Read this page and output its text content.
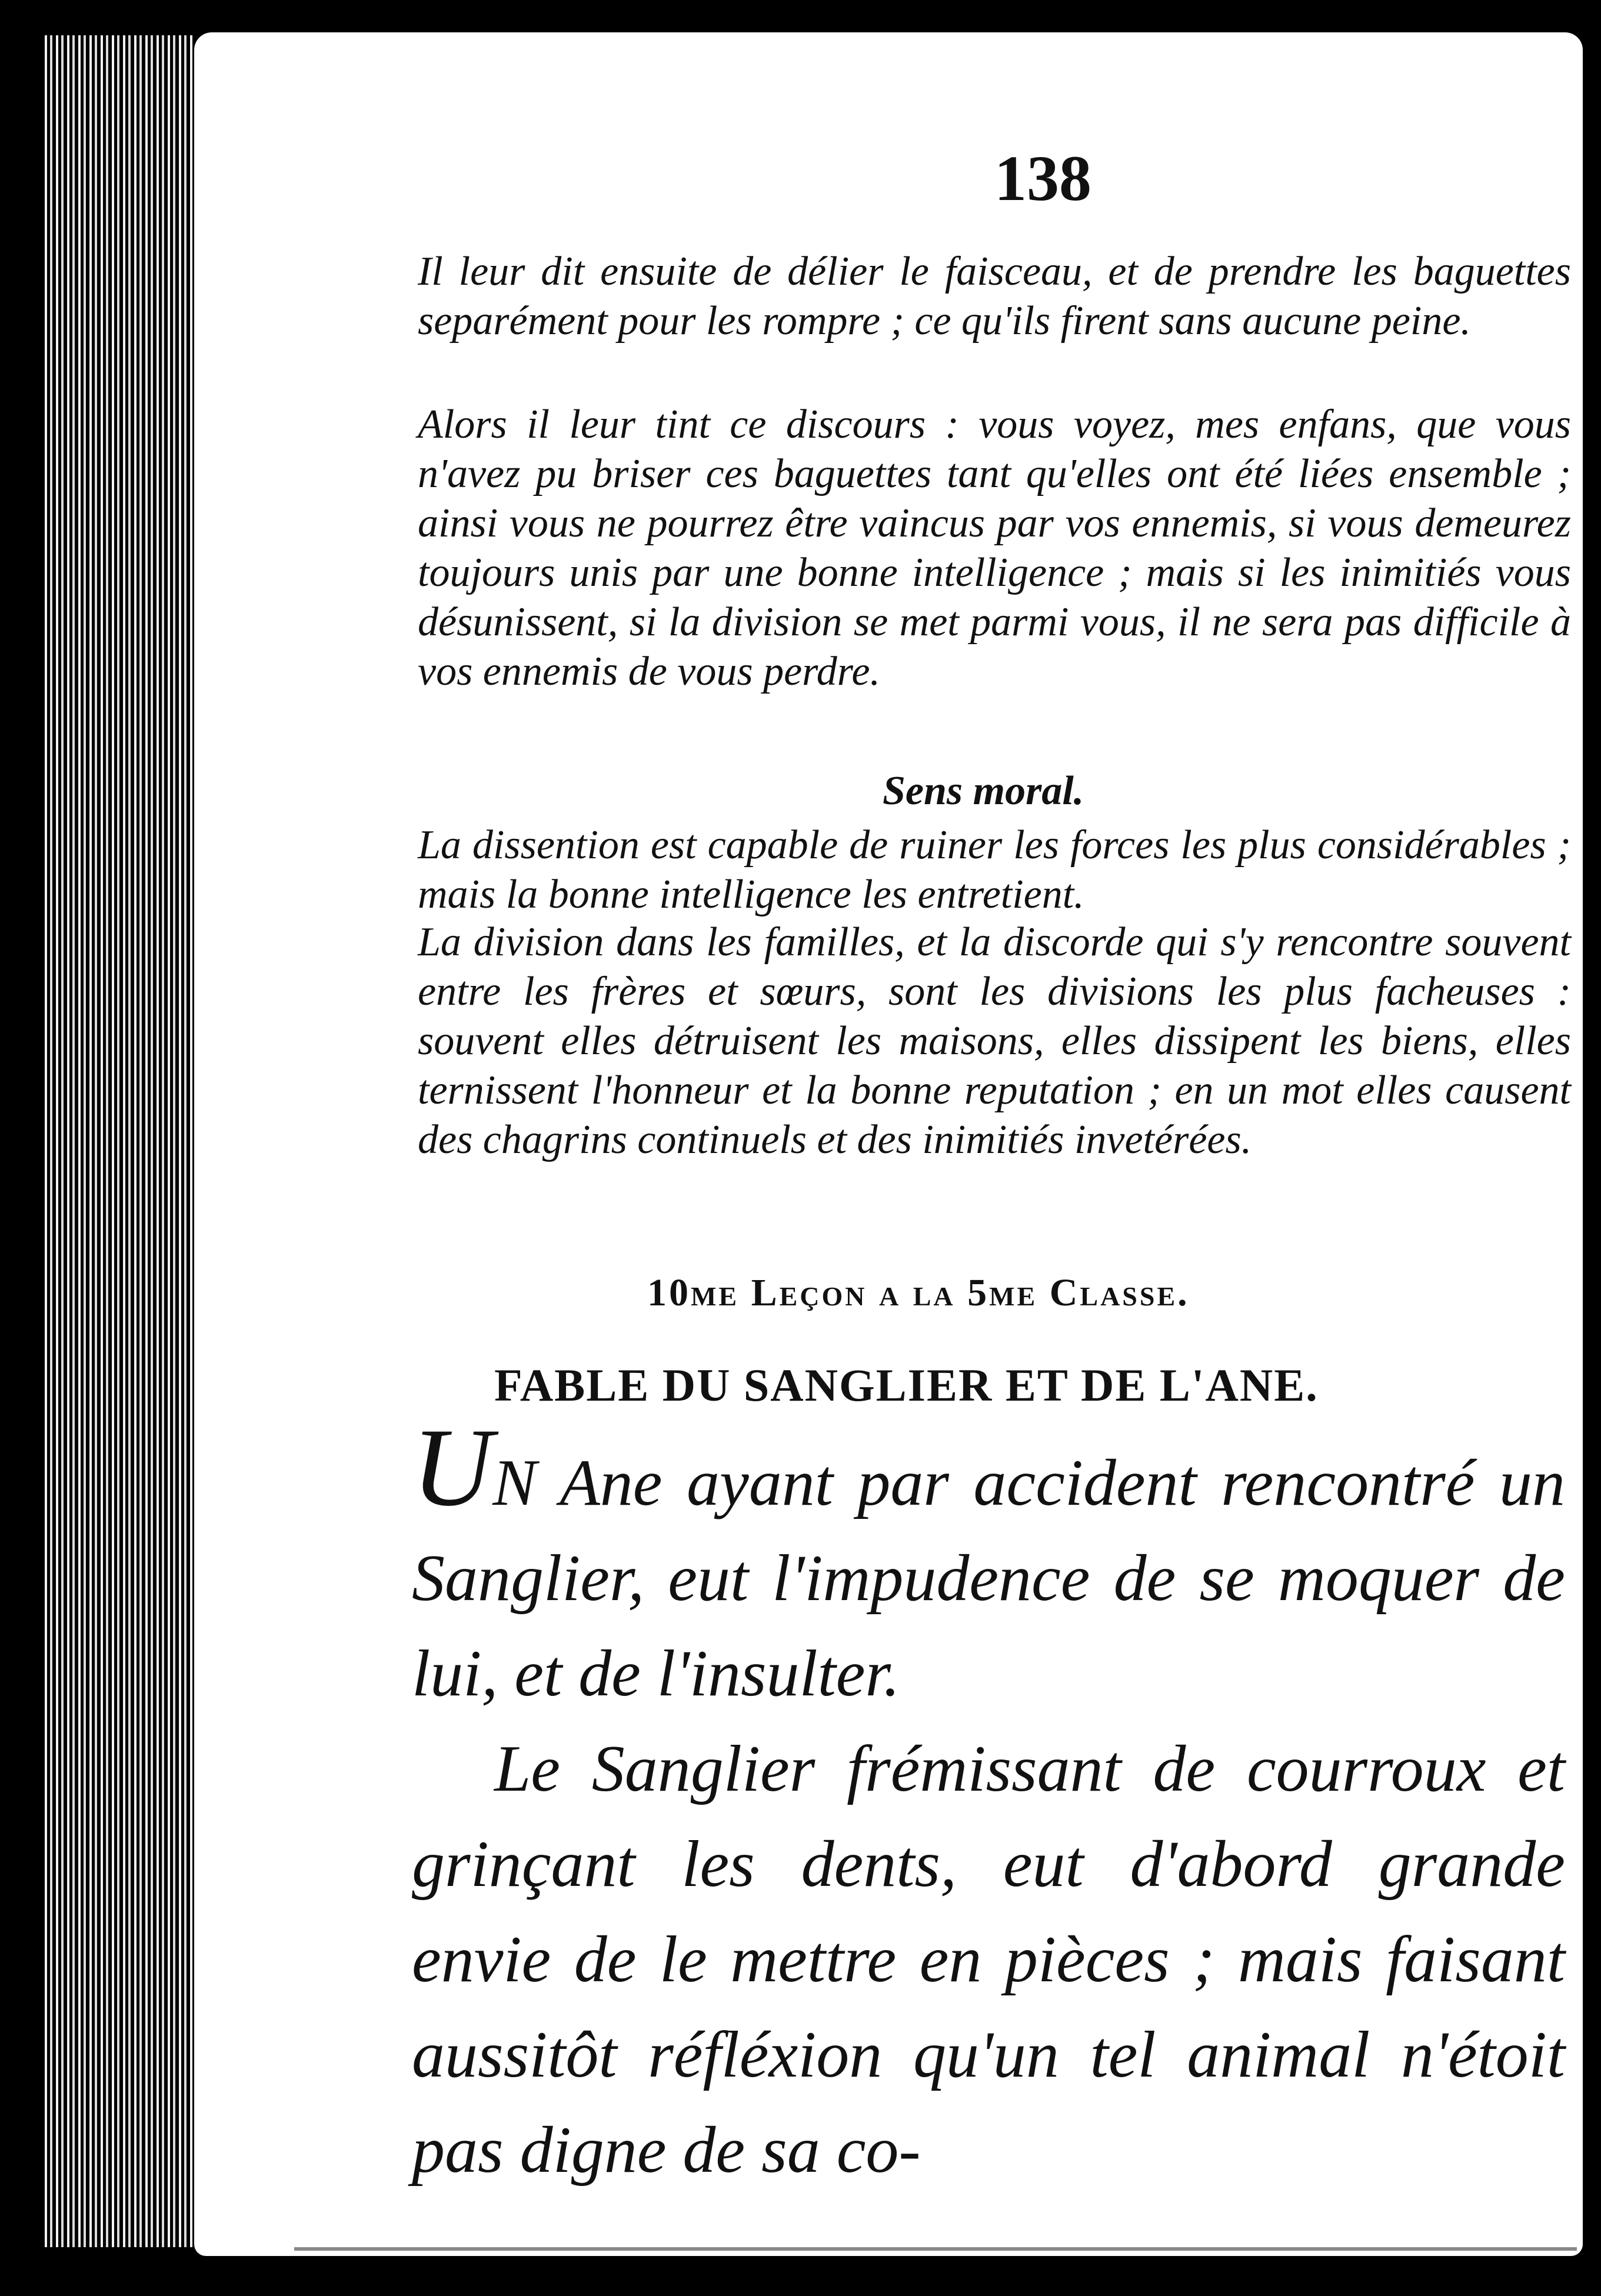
138
Il leur dit ensuite de délier le faisceau, et de prendre les baguettes separément pour les rompre ; ce qu'ils firent sans aucune peine.
Alors il leur tint ce discours : vous voyez, mes enfans, que vous n'avez pu briser ces baguettes tant qu'elles ont été liées ensemble ; ainsi vous ne pourrez être vaincus par vos ennemis, si vous demeurez toujours unis par une bonne intelligence ; mais si les inimitiés vous désunissent, si la division se met parmi vous, il ne sera pas difficile à vos ennemis de vous perdre.
Sens moral.
La dissention est capable de ruiner les forces les plus considérables ; mais la bonne intelligence les entretient.
La division dans les familles, et la discorde qui s'y rencontre souvent entre les frères et sœurs, sont les divisions les plus facheuses : souvent elles détruisent les maisons, elles dissipent les biens, elles ternissent l'honneur et la bonne reputation ; en un mot elles causent des chagrins continuels et des inimitiés invetérées.
10me Leçon a la 5me Classe.
FABLE DU SANGLIER ET DE L'ANE.
UN Ane ayant par accident rencontré un Sanglier, eut l'impudence de se moquer de lui, et de l'insulter.
Le Sanglier frémissant de courroux et grinçant les dents, eut d'abord grande envie de le mettre en pièces ; mais faisant aussitôt réfléxion qu'un tel animal n'étoit pas digne de sa co-
